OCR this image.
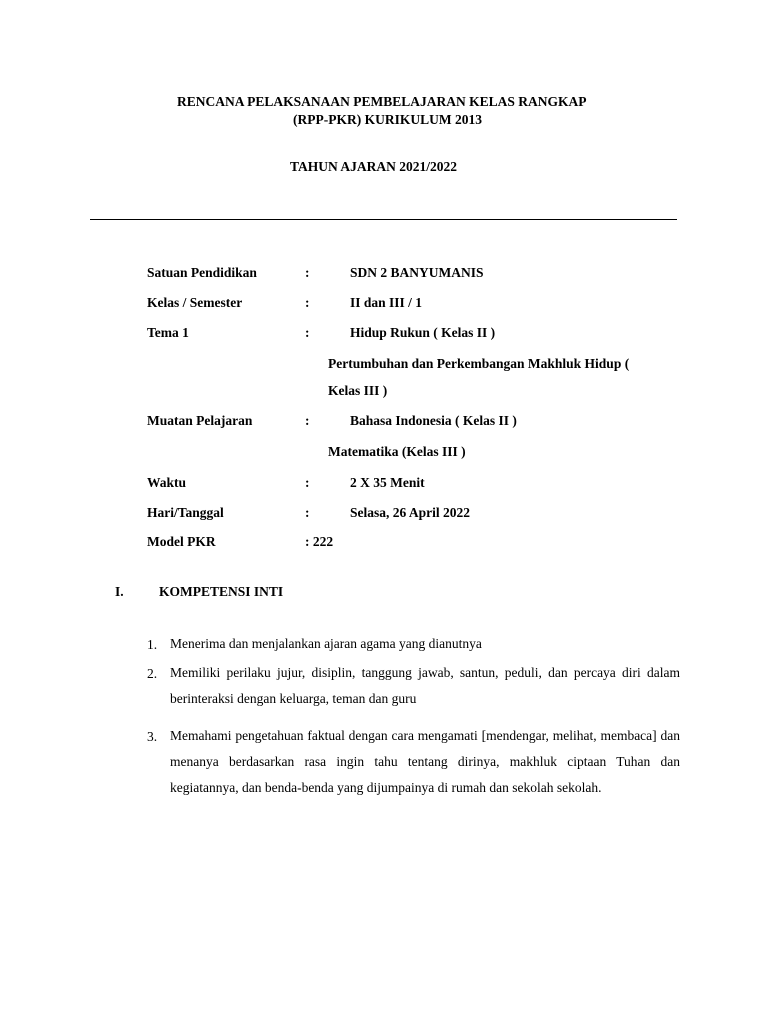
RENCANA PELAKSANAAN PEMBELAJARAN KELAS RANGKAP
(RPP-PKR) KURIKULUM 2013
TAHUN AJARAN 2021/2022
Satuan Pendidikan	:	SDN 2 BANYUMANIS
Kelas / Semester	:	II dan III / 1
Tema 1	:	Hidup Rukun ( Kelas II )
Pertumbuhan dan Perkembangan Makhluk Hidup (
Kelas III )
Muatan Pelajaran	:	Bahasa Indonesia ( Kelas II )
Matematika (Kelas III )
Waktu	:	2 X 35 Menit
Hari/Tanggal	:	Selasa, 26 April 2022
Model PKR	: 222
I.	KOMPETENSI INTI
1. Menerima dan menjalankan ajaran agama yang dianutnya
2. Memiliki perilaku jujur, disiplin, tanggung jawab, santun, peduli, dan percaya diri dalam berinteraksi dengan keluarga, teman dan guru
3. Memahami pengetahuan faktual dengan cara mengamati [mendengar, melihat, membaca] dan menanya berdasarkan rasa ingin tahu tentang dirinya, makhluk ciptaan Tuhan dan kegiatannya, dan benda-benda yang dijumpainya di rumah dan sekolah sekolah.
